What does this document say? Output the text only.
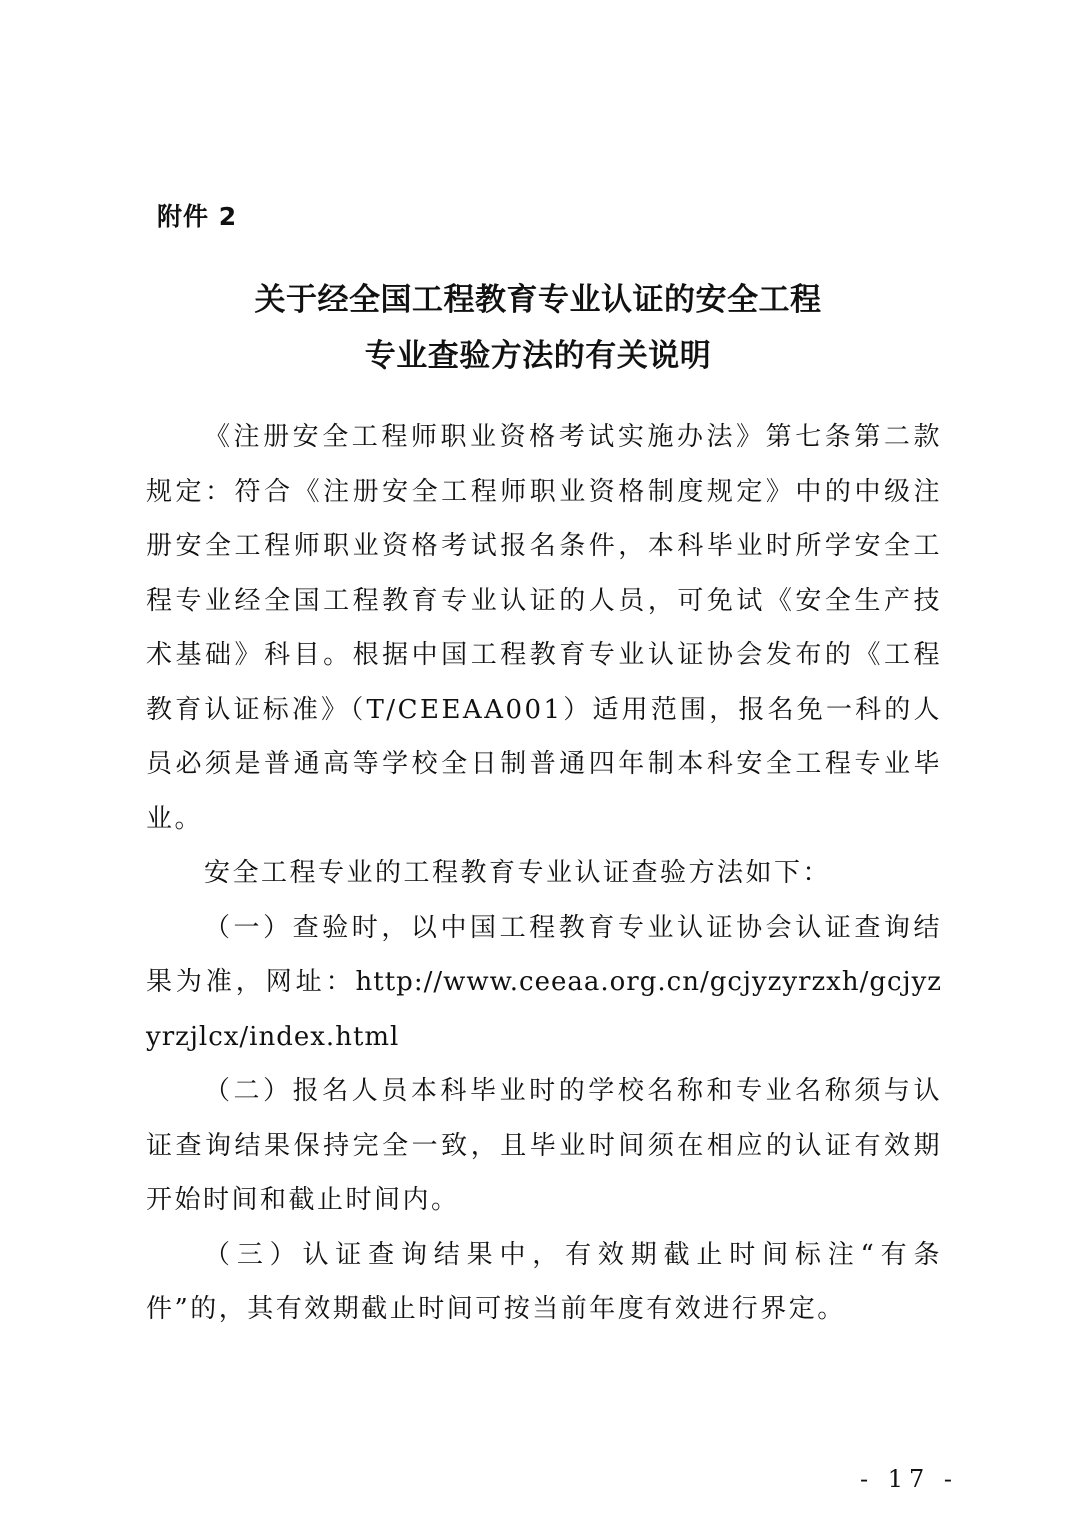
附件 2

关于经全国工程教育专业认证的安全工程
专业查验方法的有关说明

《注册安全工程师职业资格考试实施办法》第七条第二款规定：符合《注册安全工程师职业资格制度规定》中的中级注册安全工程师职业资格考试报名条件，本科毕业时所学安全工程专业经全国工程教育专业认证的人员，可免试《安全生产技术基础》科目。根据中国工程教育专业认证协会发布的《工程教育认证标准》（T/CEEAA001）适用范围，报名免一科的人员必须是普通高等学校全日制普通四年制本科安全工程专业毕业。

安全工程专业的工程教育专业认证查验方法如下：

（一）查验时，以中国工程教育专业认证协会认证查询结果为准，网址：http://www.ceeaa.org.cn/gcjyzyrzxh/gcjyzyrzjlcx/index.html

（二）报名人员本科毕业时的学校名称和专业名称须与认证查询结果保持完全一致，且毕业时间须在相应的认证有效期开始时间和截止时间内。

（三）认证查询结果中，有效期截止时间标注“有条件”的，其有效期截止时间可按当前年度有效进行界定。

- 17 -
